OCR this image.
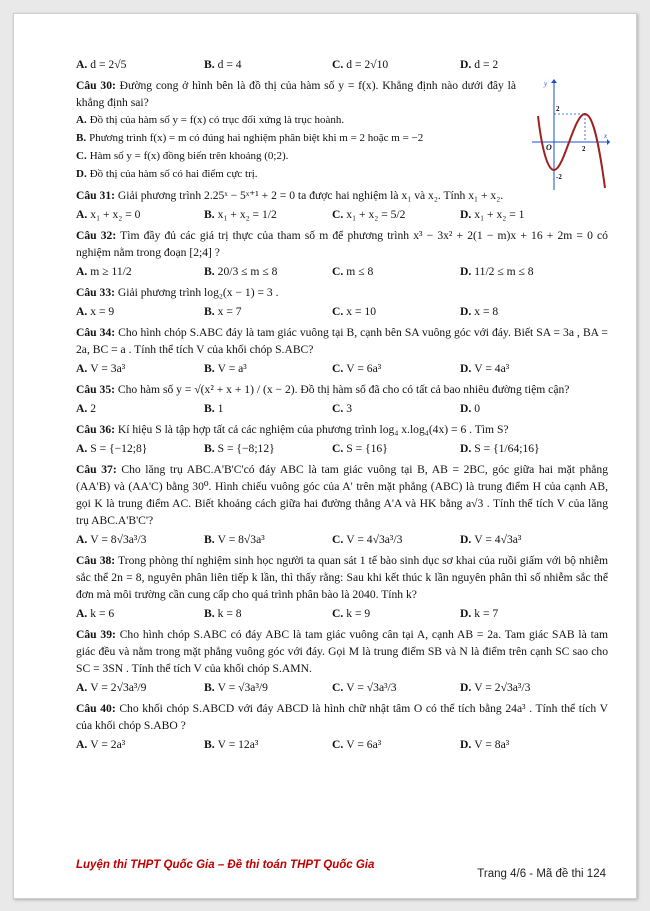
A. d = 2√5	B. d = 4	C. d = 2√10	D. d = 2

Câu 30: Đường cong ở hình bên là đồ thị của hàm số y = f(x). Khẳng định nào dưới đây là khẳng định sai?

A. Đồ thị của hàm số y = f(x) có trục đối xứng là trục hoành.

B. Phương trình f(x) = m có đúng hai nghiệm phân biệt khi m = 2 hoặc m = −2

C. Hàm số y = f(x) đồng biến trên khoảng (0;2).

D. Đồ thị của hàm số có hai điểm cực trị.

y
x
O	2
2
-2

Câu 31: Giải phương trình 2.25ˣ − 5ˣ⁺¹ + 2 = 0 ta được hai nghiệm là x₁ và x₂. Tính x₁ + x₂.

A. x₁ + x₂ = 0	B. x₁ + x₂ = 1/2	C. x₁ + x₂ = 5/2	D. x₁ + x₂ = 1

Câu 32: Tìm đầy đủ các giá trị thực của tham số m để phương trình x³ − 3x² + 2(1 − m)x + 16 + 2m = 0 có nghiệm nằm trong đoạn [2;4] ?

A. m ≥ 11/2	B. 20/3 ≤ m ≤ 8	C. m ≤ 8	D. 11/2 ≤ m ≤ 8

Câu 33: Giải phương trình log₂(x − 1) = 3 .

A. x = 9	B. x = 7	C. x = 10	D. x = 8

Câu 34: Cho hình chóp S.ABC đáy là tam giác vuông tại B, cạnh bên SA vuông góc với đáy. Biết SA = 3a , BA = 2a, BC = a . Tính thể tích V của khối chóp S.ABC?

A. V = 3a³	B. V = a³	C. V = 6a³	D. V = 4a³

Câu 35: Cho hàm số y = √(x² + x + 1) / (x − 2). Đồ thị hàm số đã cho có tất cả bao nhiêu đường tiệm cận?

A. 2	B. 1	C. 3	D. 0

Câu 36: Kí hiệu S là tập hợp tất cả các nghiệm của phương trình log₄ x.log₄(4x) = 6 . Tìm S?

A. S = {−12;8}	B. S = {−8;12}	C. S = {16}	D. S = {1/64;16}

Câu 37: Cho lăng trụ ABC.A'B'C'có đáy ABC là tam giác vuông tại B, AB = 2BC, góc giữa hai mặt phẳng (AA'B) và (AA'C) bằng 30⁰. Hình chiếu vuông góc của A' trên mặt phẳng (ABC) là trung điểm H của cạnh AB, gọi K là trung điểm AC. Biết khoảng cách giữa hai đường thẳng A'A và HK bằng a√3 . Tính thể tích V của lăng trụ ABC.A'B'C'?

A. V = 8√3a³/3	B. V = 8√3a³	C. V = 4√3a³/3	D. V = 4√3a³

Câu 38: Trong phòng thí nghiệm sinh học người ta quan sát 1 tế bào sinh dục sơ khai của ruồi giấm với bộ nhiễm sắc thể 2n = 8, nguyên phân liên tiếp k lần, thì thấy rằng: Sau khi kết thúc k lần nguyên phân thì số nhiễm sắc thể đơn mà môi trường cần cung cấp cho quá trình phân bào là 2040. Tính k?

A. k = 6	B. k = 8	C. k = 9	D. k = 7

Câu 39: Cho hình chóp S.ABC có đáy ABC là tam giác vuông cân tại A, cạnh AB = 2a. Tam giác SAB là tam giác đều và nằm trong mặt phẳng vuông góc với đáy. Gọi M là trung điểm SB và N là điểm trên cạnh SC sao cho SC = 3SN . Tính thể tích V của khối chóp S.AMN.

A. V = 2√3a³/9	B. V = √3a³/9	C. V = √3a³/3	D. V = 2√3a³/3

Câu 40: Cho khối chóp S.ABCD với đáy ABCD là hình chữ nhật tâm O có thể tích bằng 24a³ . Tính thể tích V của khối chóp S.ABO ?

A. V = 2a³	B. V = 12a³	C. V = 6a³	D. V = 8a³
Luyện thi THPT Quốc Gia – Đề thi toán THPT Quốc Gia
Trang 4/6 - Mã đề thi 124
